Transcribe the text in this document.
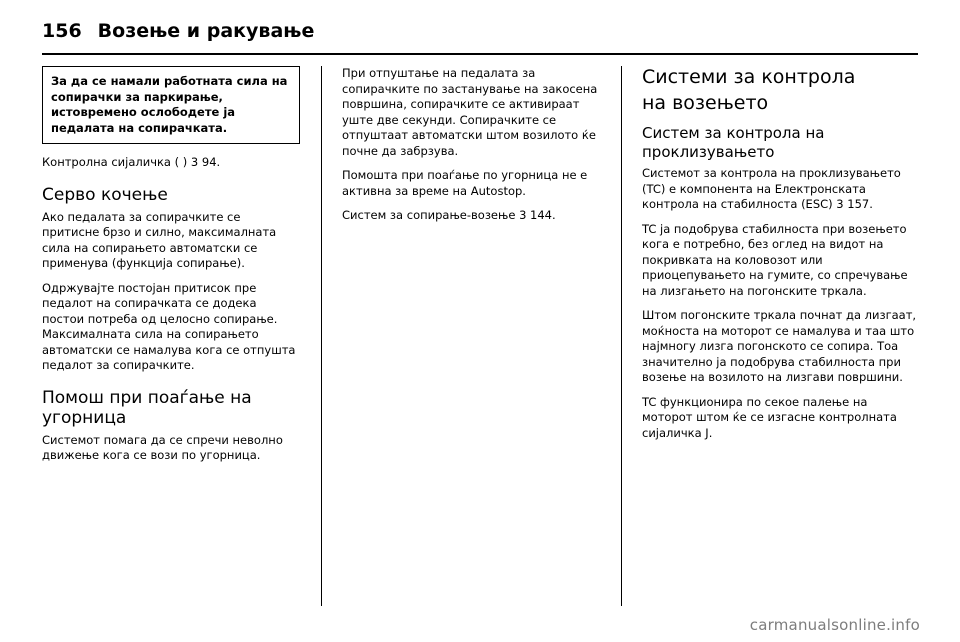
156 Возење и ракување

За да се намали работната сила на сопирачки за паркирање, истовремено ослободете ја педалата на сопирачката.

Контролна сијаличка ( ) 3 94.

Серво кочење

Ако педалата за сопирачките се притисне брзо и силно, максималната сила на сопирањето автоматски се применува (функција сопирање).

Одржувајте постојан притисок пре педалот на сопирачката се додека постои потреба од целосно сопирање. Максималната сила на сопирањето автоматски се намалува кога се отпушта педалот за сопирачките.

Помош при поаѓање на угорница

Системот помага да се спречи неволно движење кога се вози по угорница.

При отпуштање на педалата за сопирачките по застанување на закосена површина, сопирачките се активираат уште две секунди. Сопирачките се отпуштаат автоматски штом возилото ќе почне да забрзува.

Помошта при поаѓање по угорница не е активна за време на Autostop.

Систем за сопирање-возење 3 144.

Системи за контрола
на возењето
Систем за контрола на проклизувањето

Системот за контрола на проклизувањето (TC) е компонента на Електронската контрола на стабилноста (ESC) 3 157.

TC ја подобрува стабилноста при возењето кога е потребно, без оглед на видот на покривката на коловозот или приоцепувањето на гумите, со спречување на лизгањето на погонските тркала.

Штом погонските тркала почнат да лизгаат, моќноста на моторот се намалува и таа што најмногу лизга погонското се сопира. Тоа значително ја подобрува стабилноста при возење на возилото на лизгави површини.

TC функционира по секое палење на моторот штом ќе се изгасне контролната сијаличка J.

carmanualsonline.info
